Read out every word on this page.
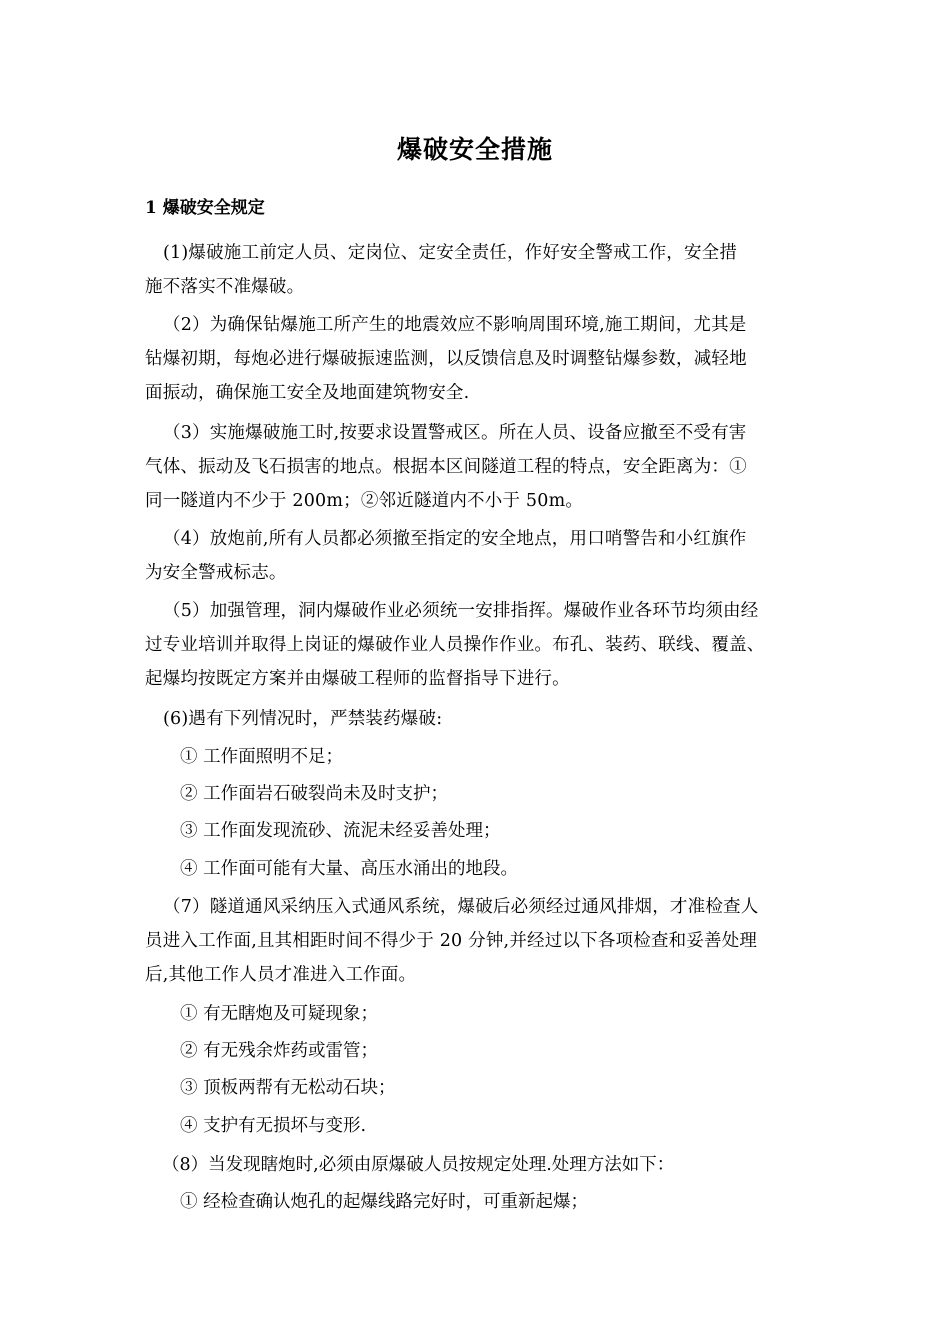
爆破安全措施
1 爆破安全规定
(1)爆破施工前定人员、定岗位、定安全责任，作好安全警戒工作，安全措
施不落实不准爆破。
（2）为确保钻爆施工所产生的地震效应不影响周围环境,施工期间，尤其是
钻爆初期，每炮必进行爆破振速监测，以反馈信息及时调整钻爆参数，减轻地
面振动，确保施工安全及地面建筑物安全.
（3）实施爆破施工时,按要求设置警戒区。所在人员、设备应撤至不受有害
气体、振动及飞石损害的地点。根据本区间隧道工程的特点，安全距离为：①
同一隧道内不少于 200m；②邻近隧道内不小于 50m。
（4）放炮前,所有人员都必须撤至指定的安全地点，用口哨警告和小红旗作
为安全警戒标志。
（5）加强管理，洞内爆破作业必须统一安排指挥。爆破作业各环节均须由经
过专业培训并取得上岗证的爆破作业人员操作作业。布孔、装药、联线、覆盖、
起爆均按既定方案并由爆破工程师的监督指导下进行。
(6)遇有下列情况时，严禁装药爆破:
① 工作面照明不足；
② 工作面岩石破裂尚未及时支护；
③ 工作面发现流砂、流泥未经妥善处理；
④ 工作面可能有大量、高压水涌出的地段。
（7）隧道通风采纳压入式通风系统，爆破后必须经过通风排烟，才准检查人
员进入工作面,且其相距时间不得少于 20 分钟,并经过以下各项检查和妥善处理
后,其他工作人员才准进入工作面。
① 有无瞎炮及可疑现象；
② 有无残余炸药或雷管；
③ 顶板两帮有无松动石块；
④ 支护有无损坏与变形.
（8）当发现瞎炮时,必须由原爆破人员按规定处理.处理方法如下：
① 经检查确认炮孔的起爆线路完好时，可重新起爆；
